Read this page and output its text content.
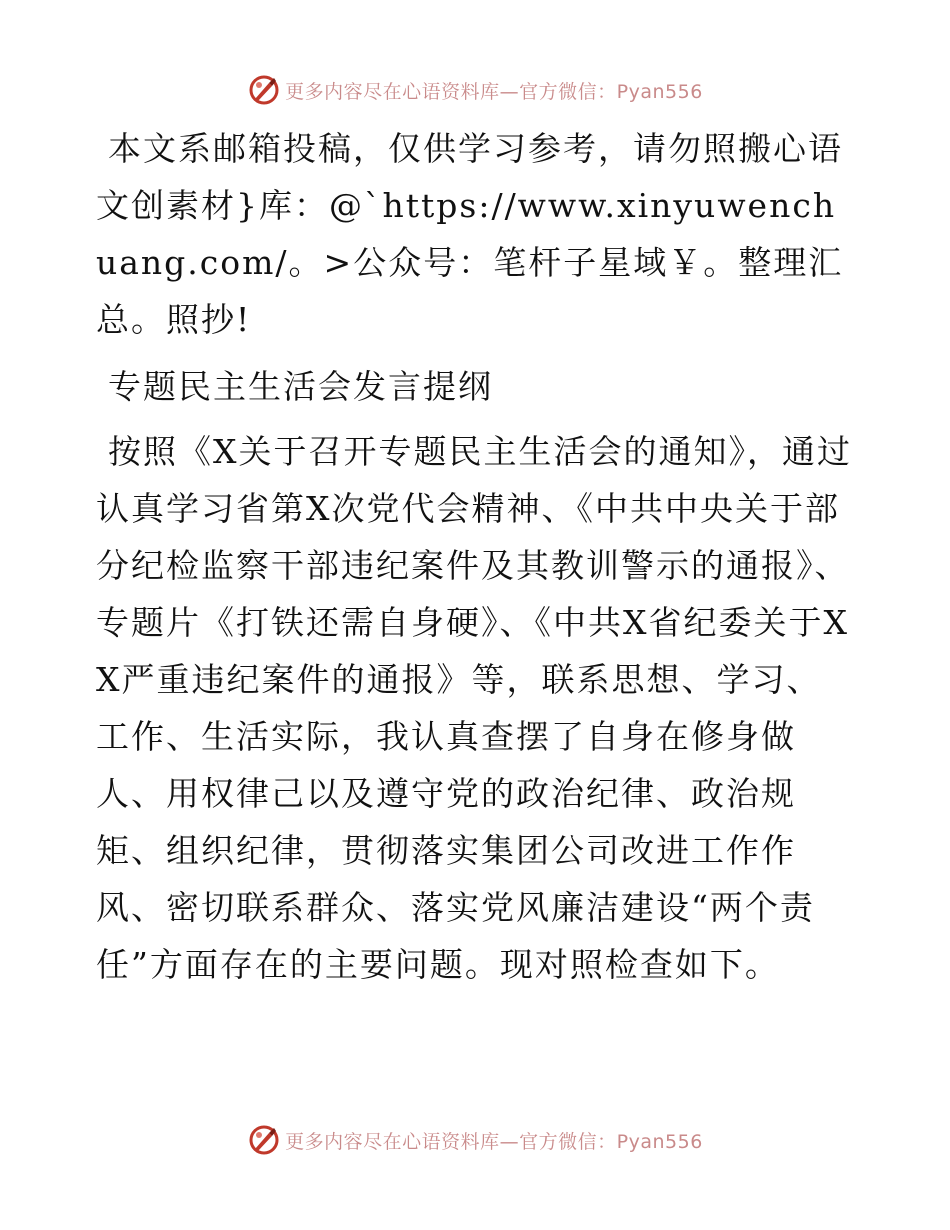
更多内容尽在心语资料库—官方微信：Pyan556

本文系邮箱投稿，仅供学习参考，请勿照搬心语文创素材}库：@`https://www.xinyuwenchuang.com/。>公众号：笔杆子星域￥。整理汇总。照抄!

专题民主生活会发言提纲

按照《X关于召开专题民主生活会的通知》，通过认真学习省第X次党代会精神、《中共中央关于部分纪检监察干部违纪案件及其教训警示的通报》、专题片《打铁还需自身硬》、《中共X省纪委关于XX严重违纪案件的通报》等，联系思想、学习、工作、生活实际，我认真查摆了自身在修身做人、用权律己以及遵守党的政治纪律、政治规矩、组织纪律，贯彻落实集团公司改进工作作风、密切联系群众、落实党风廉洁建设“两个责任”方面存在的主要问题。现对照检查如下。

更多内容尽在心语资料库—官方微信：Pyan556
